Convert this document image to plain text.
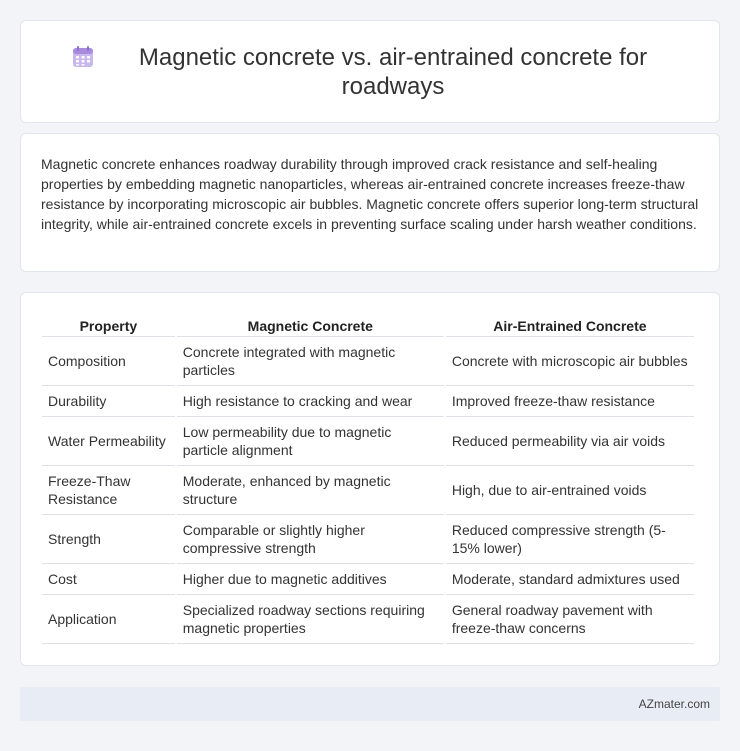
Magnetic concrete vs. air-entrained concrete for roadways

Magnetic concrete enhances roadway durability through improved crack resistance and self-healing properties by embedding magnetic nanoparticles, whereas air-entrained concrete increases freeze-thaw resistance by incorporating microscopic air bubbles. Magnetic concrete offers superior long-term structural integrity, while air-entrained concrete excels in preventing surface scaling under harsh weather conditions.

Property	Magnetic Concrete	Air-Entrained Concrete
Composition	Concrete integrated with magnetic particles	Concrete with microscopic air bubbles
Durability	High resistance to cracking and wear	Improved freeze-thaw resistance
Water Permeability	Low permeability due to magnetic particle alignment	Reduced permeability via air voids
Freeze-Thaw Resistance	Moderate, enhanced by magnetic structure	High, due to air-entrained voids
Strength	Comparable or slightly higher compressive strength	Reduced compressive strength (5-15% lower)
Cost	Higher due to magnetic additives	Moderate, standard admixtures used
Application	Specialized roadway sections requiring magnetic properties	General roadway pavement with freeze-thaw concerns
AZmater.com
